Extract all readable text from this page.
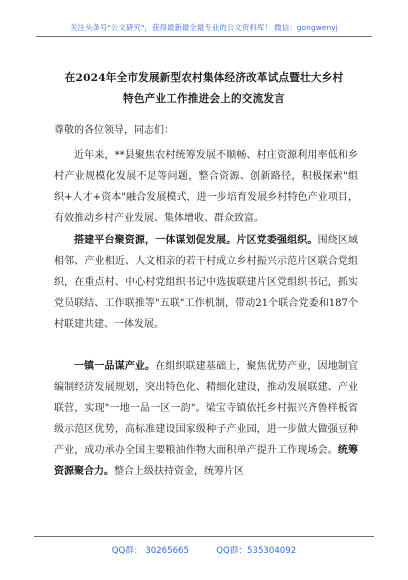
关注头条号"公文研究"，获得最新最全最专业的公文资料库！ 微信：gongwenyj
在2024年全市发展新型农村集体经济改革试点暨壮大乡村
特色产业工作推进会上的交流发言
尊敬的各位领导，同志们：
近年来，**县聚焦农村统筹发展不顺畅、村庄资源利用率低和乡村产业规模化发展不足等问题，整合资源、创新路径，积极探索"组织+人才+资本"融合发展模式，进一步培育发展乡村特色产业项目，有效推动乡村产业发展、集体增收、群众致富。
搭建平台聚资源，一体谋划促发展。片区党委强组织。围绕区域相邻、产业相近、人文相亲的若干村成立乡村振兴示范片区联合党组织，在重点村、中心村党组织书记中选拔联建片区党组织书记，抓实党员联结、工作联推等"五联"工作机制，带动21个联合党委和187个村联建共建、一体发展。
一镇一品谋产业。在组织联建基础上，聚焦优势产业，因地制宜编制经济发展规划，突出特色化、精细化建设，推动发展联建、产业联营，实现"一地一品一区一韵"。梁宝寺镇依托乡村振兴齐鲁样板省级示范区优势，高标准建设国家级种子产业园，进一步做大做强豆种产业，成功承办全国主要粮油作物大面积单产提升工作现场会。统筹资源聚合力。整合上级扶持资金，统筹片区
QQ群： 30265665          QQ群：535304092
